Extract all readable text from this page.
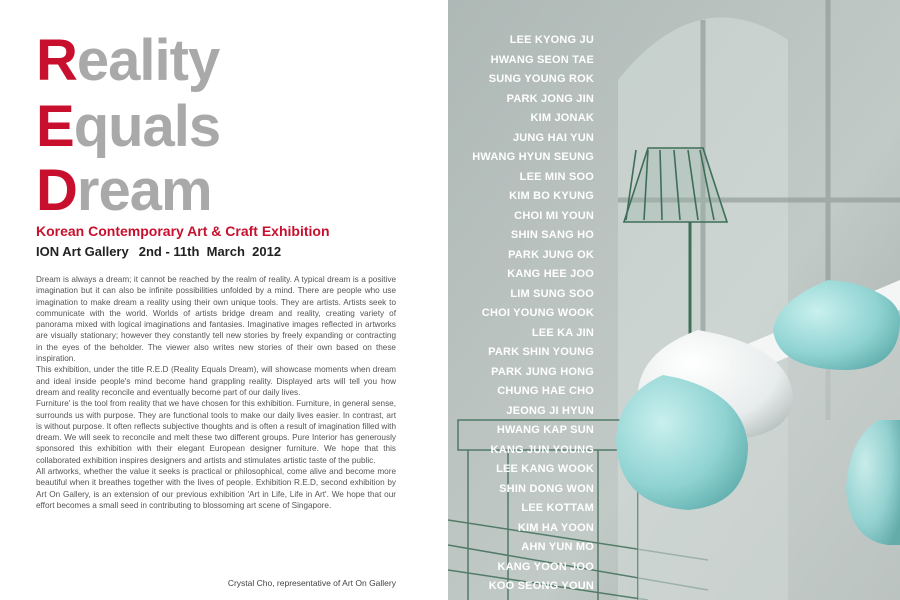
Reality
Equals
Dream
Korean Contemporary Art & Craft Exhibition
ION Art Gallery 2nd - 11th  March  2012

Dream is always a dream; it cannot be reached by the realm of reality. A typical dream is a positive imagination but it can also be infinite possibilities unfolded by a mind. There are people who use imagination to make dream a reality using their own unique tools. They are artists. Artists seek to communicate with the world. Worlds of artists bridge dream and reality, creating variety of panorama mixed with logical imaginations and fantasies. Imaginative images reflected in artworks are visually stationary; however they constantly tell new stories by freely expanding or contracting in the eyes of the beholder. The viewer also writes new stories of their own based on these inspiration.

This exhibition, under the title R.E.D (Reality Equals Dream), will showcase moments when dream and ideal inside people's mind become hand grappling reality. Displayed arts will tell you how dream and reality reconcile and eventually become part of our daily lives.

Furniture' is the tool from reality that we have chosen for this exhibition. Furniture, in general sense, surrounds us with purpose. They are functional tools to make our daily lives easier. In contrast, art is without purpose. It often reflects subjective thoughts and is often a result of imagination filled with dream. We will seek to reconcile and melt these two different groups. Pure Interior has generously sponsored this exhibition with their elegant European designer furniture. We hope that this collaborated exhibition inspires designers and artists and stimulates artistic taste of the public.

All artworks, whether the value it seeks is practical or philosophical, come alive and become more beautiful when it breathes together with the lives of people. Exhibition R.E.D, second exhibition by Art On Gallery, is an extension of our previous exhibition 'Art in Life, Life in Art'. We hope that our effort becomes a small seed in contributing to blossoming art scene of Singapore.

Crystal Cho, representative of Art On Gallery
LEE KYONG JU
HWANG SEON TAE
SUNG YOUNG ROK
PARK JONG JIN
KIM JONAK
JUNG HAI YUN
HWANG HYUN SEUNG
LEE MIN SOO
KIM BO KYUNG
CHOI MI YOUN
SHIN SANG HO
PARK JUNG OK
KANG HEE JOO
LIM SUNG SOO
CHOI YOUNG WOOK
LEE KA JIN
PARK SHIN YOUNG
PARK JUNG HONG
CHUNG HAE CHO
JEONG JI HYUN
HWANG KAP SUN
KANG JUN YOUNG
LEE KANG WOOK
SHIN DONG WON
LEE KOTTAM
KIM HA YOON
AHN YUN MO
KANG YOON JOO
KOO SEONG YOUN
